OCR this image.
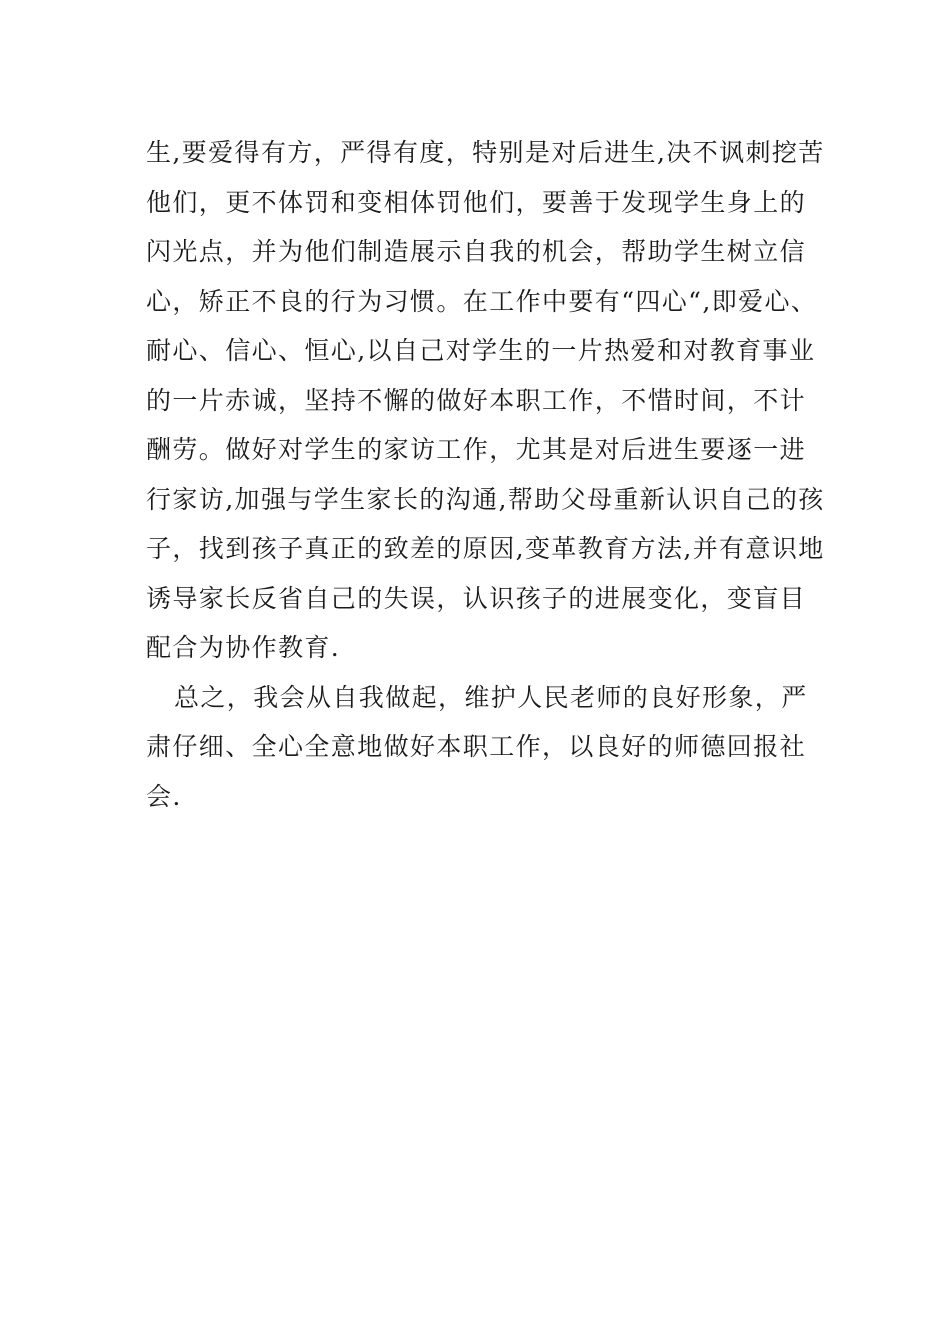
生,要爱得有方，严得有度，特别是对后进生,决不讽刺挖苦
他们，更不体罚和变相体罚他们，要善于发现学生身上的
闪光点，并为他们制造展示自我的机会，帮助学生树立信
心，矫正不良的行为习惯。在工作中要有“四心“,即爱心、
耐心、信心、恒心,以自己对学生的一片热爱和对教育事业
的一片赤诚，坚持不懈的做好本职工作，不惜时间，不计
酬劳。做好对学生的家访工作，尤其是对后进生要逐一进
行家访,加强与学生家长的沟通,帮助父母重新认识自己的孩
子，找到孩子真正的致差的原因,变革教育方法,并有意识地
诱导家长反省自己的失误，认识孩子的进展变化，变盲目
配合为协作教育.
总之，我会从自我做起，维护人民老师的良好形象，严
肃仔细、全心全意地做好本职工作，以良好的师德回报社
会.
